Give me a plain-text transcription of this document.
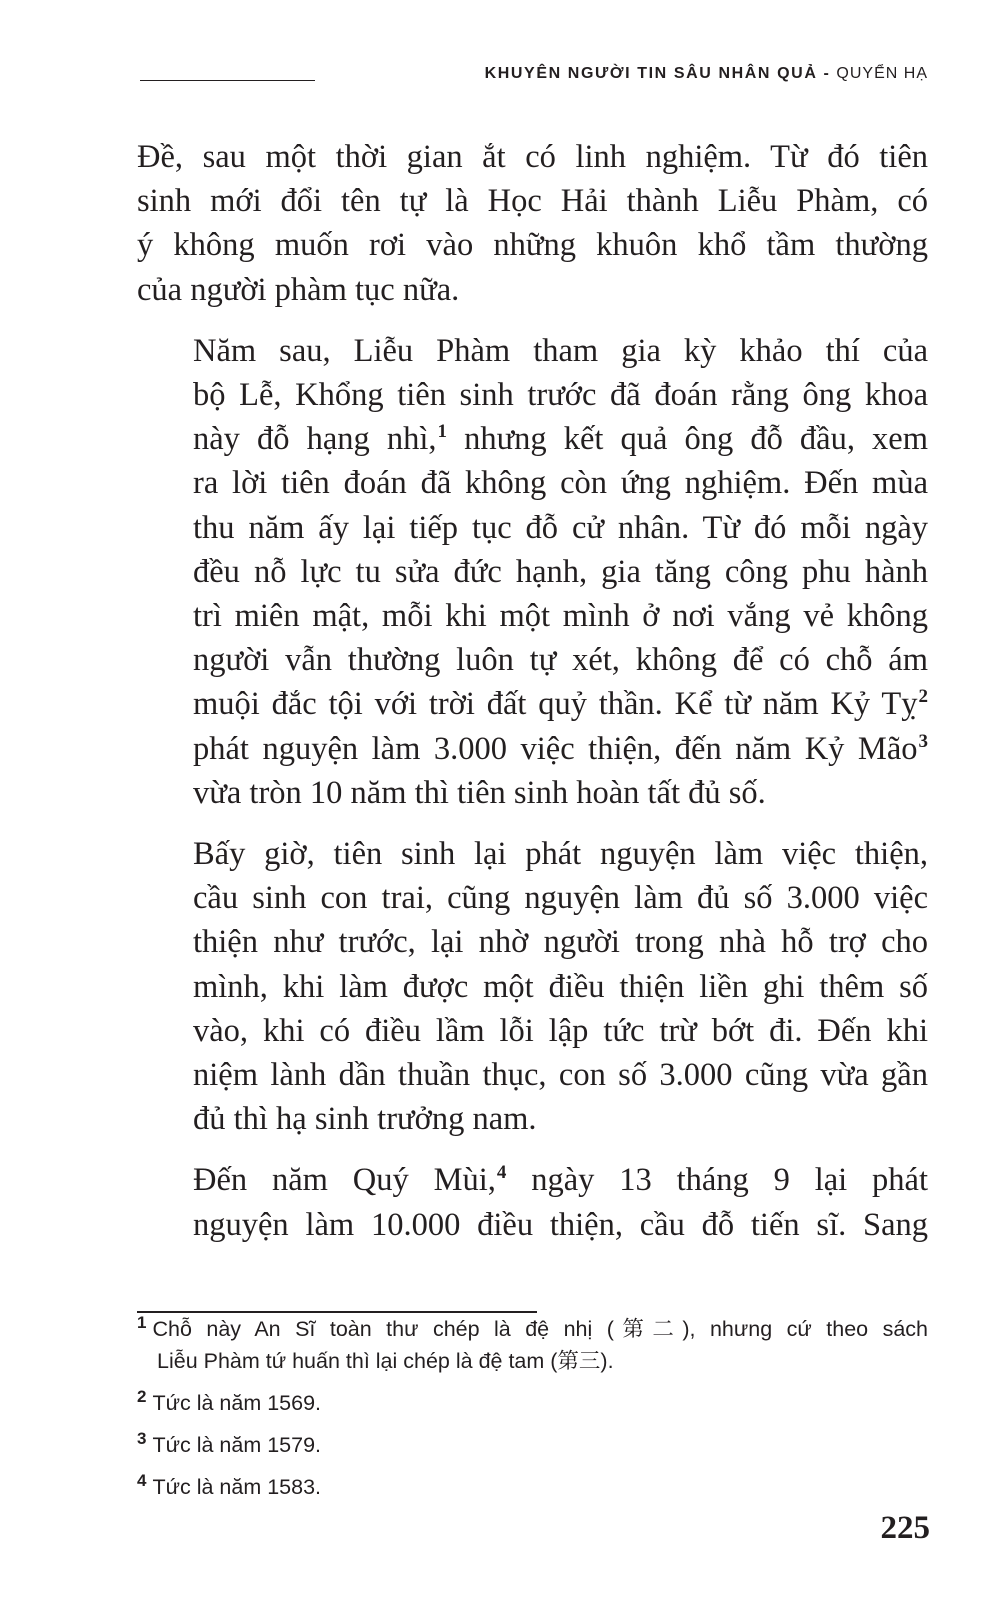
KHUYÊN NGƯỜI TIN SÂU NHÂN QUẢ - QUYỂN HẠ

Đề, sau một thời gian ắt có linh nghiệm. Từ đó tiên
sinh mới đổi tên tự là Học Hải thành Liễu Phàm, có
ý không muốn rơi vào những khuôn khổ tầm thường
của người phàm tục nữa.

Năm sau, Liễu Phàm tham gia kỳ khảo thí của
bộ Lễ, Khổng tiên sinh trước đã đoán rằng ông khoa
này đỗ hạng nhì,$^1$ nhưng kết quả ông đỗ đầu, xem
ra lời tiên đoán đã không còn ứng nghiệm. Đến mùa
thu năm ấy lại tiếp tục đỗ cử nhân. Từ đó mỗi ngày
đều nỗ lực tu sửa đức hạnh, gia tăng công phu hành
trì miên mật, mỗi khi một mình ở nơi vắng vẻ không
người vẫn thường luôn tự xét, không để có chỗ ám
muội đắc tội với trời đất quỷ thần. Kể từ năm Kỷ Tỵ$^2$
phát nguyện làm 3.000 việc thiện, đến năm Kỷ Mão$^3$
vừa tròn 10 năm thì tiên sinh hoàn tất đủ số.

Bấy giờ, tiên sinh lại phát nguyện làm việc thiện,
cầu sinh con trai, cũng nguyện làm đủ số 3.000 việc
thiện như trước, lại nhờ người trong nhà hỗ trợ cho
mình, khi làm được một điều thiện liền ghi thêm số
vào, khi có điều lầm lỗi lập tức trừ bớt đi. Đến khi
niệm lành dần thuần thục, con số 3.000 cũng vừa gần
đủ thì hạ sinh trưởng nam.

Đến năm Quý Mùi,$^4$ ngày 13 tháng 9 lại phát
nguyện làm 10.000 điều thiện, cầu đỗ tiến sĩ. Sang

$^1$ Chỗ này An Sĩ toàn thư chép là đệ nhị (第二), nhưng cứ theo sách
Liễu Phàm tứ huấn thì lại chép là đệ tam (第三).
$^2$ Tức là năm 1569.
$^3$ Tức là năm 1579.
$^4$ Tức là năm 1583.
225
